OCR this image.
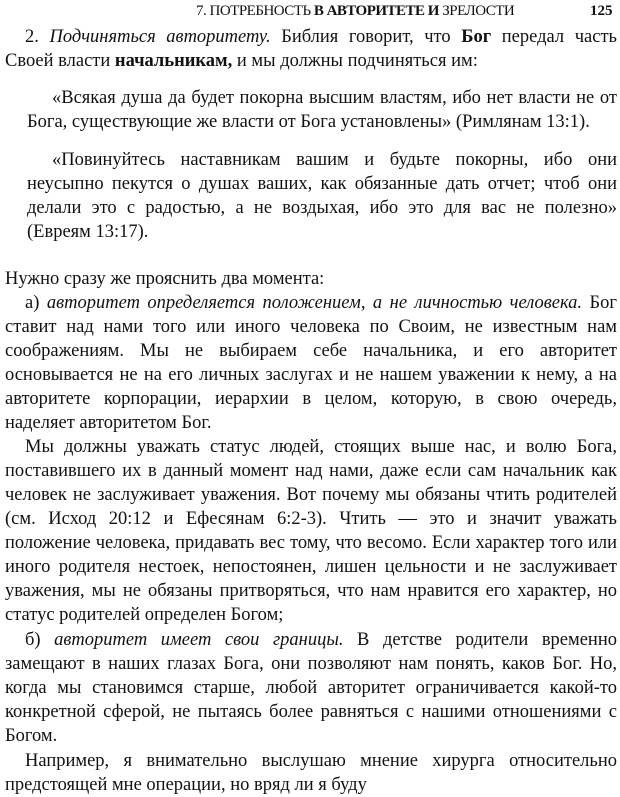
7. ПОТРЕБНОСТЬ В АВТОРИТЕТЕ И ЗРЕЛОСТИ	125

2. Подчиняться авторитету. Библия говорит, что Бог передал часть Своей власти начальникам, и мы должны подчиняться им:

«Всякая душа да будет покорна высшим властям, ибо нет власти не от Бога, существующие же власти от Бога установлены» (Римлянам 13:1).

«Повинуйтесь наставникам вашим и будьте покорны, ибо они неусыпно пекутся о душах ваших, как обязанные дать отчет; чтоб они делали это с радостью, а не воздыхая, ибо это для вас не полезно» (Евреям 13:17).

Нужно сразу же прояснить два момента:

а) авторитет определяется положением, а не личностью человека. Бог ставит над нами того или иного человека по Своим, не известным нам соображениям. Мы не выбираем себе начальника, и его авторитет основывается не на его личных заслугах и не нашем уважении к нему, а на авторитете корпорации, иерархии в целом, которую, в свою очередь, наделяет авторитетом Бог.

Мы должны уважать статус людей, стоящих выше нас, и волю Бога, поставившего их в данный момент над нами, даже если сам начальник как человек не заслуживает уважения. Вот почему мы обязаны чтить родителей (см. Исход 20:12 и Ефесянам 6:2-3). Чтить — это и значит уважать положение человека, придавать вес тому, что весомо. Если характер того или иного родителя нестоек, непостоянен, лишен цельности и не заслуживает уважения, мы не обязаны притворяться, что нам нравится его характер, но статус родителей определен Богом;

б) авторитет имеет свои границы. В детстве родители временно замещают в наших глазах Бога, они позволяют нам понять, каков Бог. Но, когда мы становимся старше, любой авторитет ограничивается какой-то конкретной сферой, не пытаясь более равняться с нашими отношениями с Богом.

Например, я внимательно выслушаю мнение хирурга относительно предстоящей мне операции, но вряд ли я буду
